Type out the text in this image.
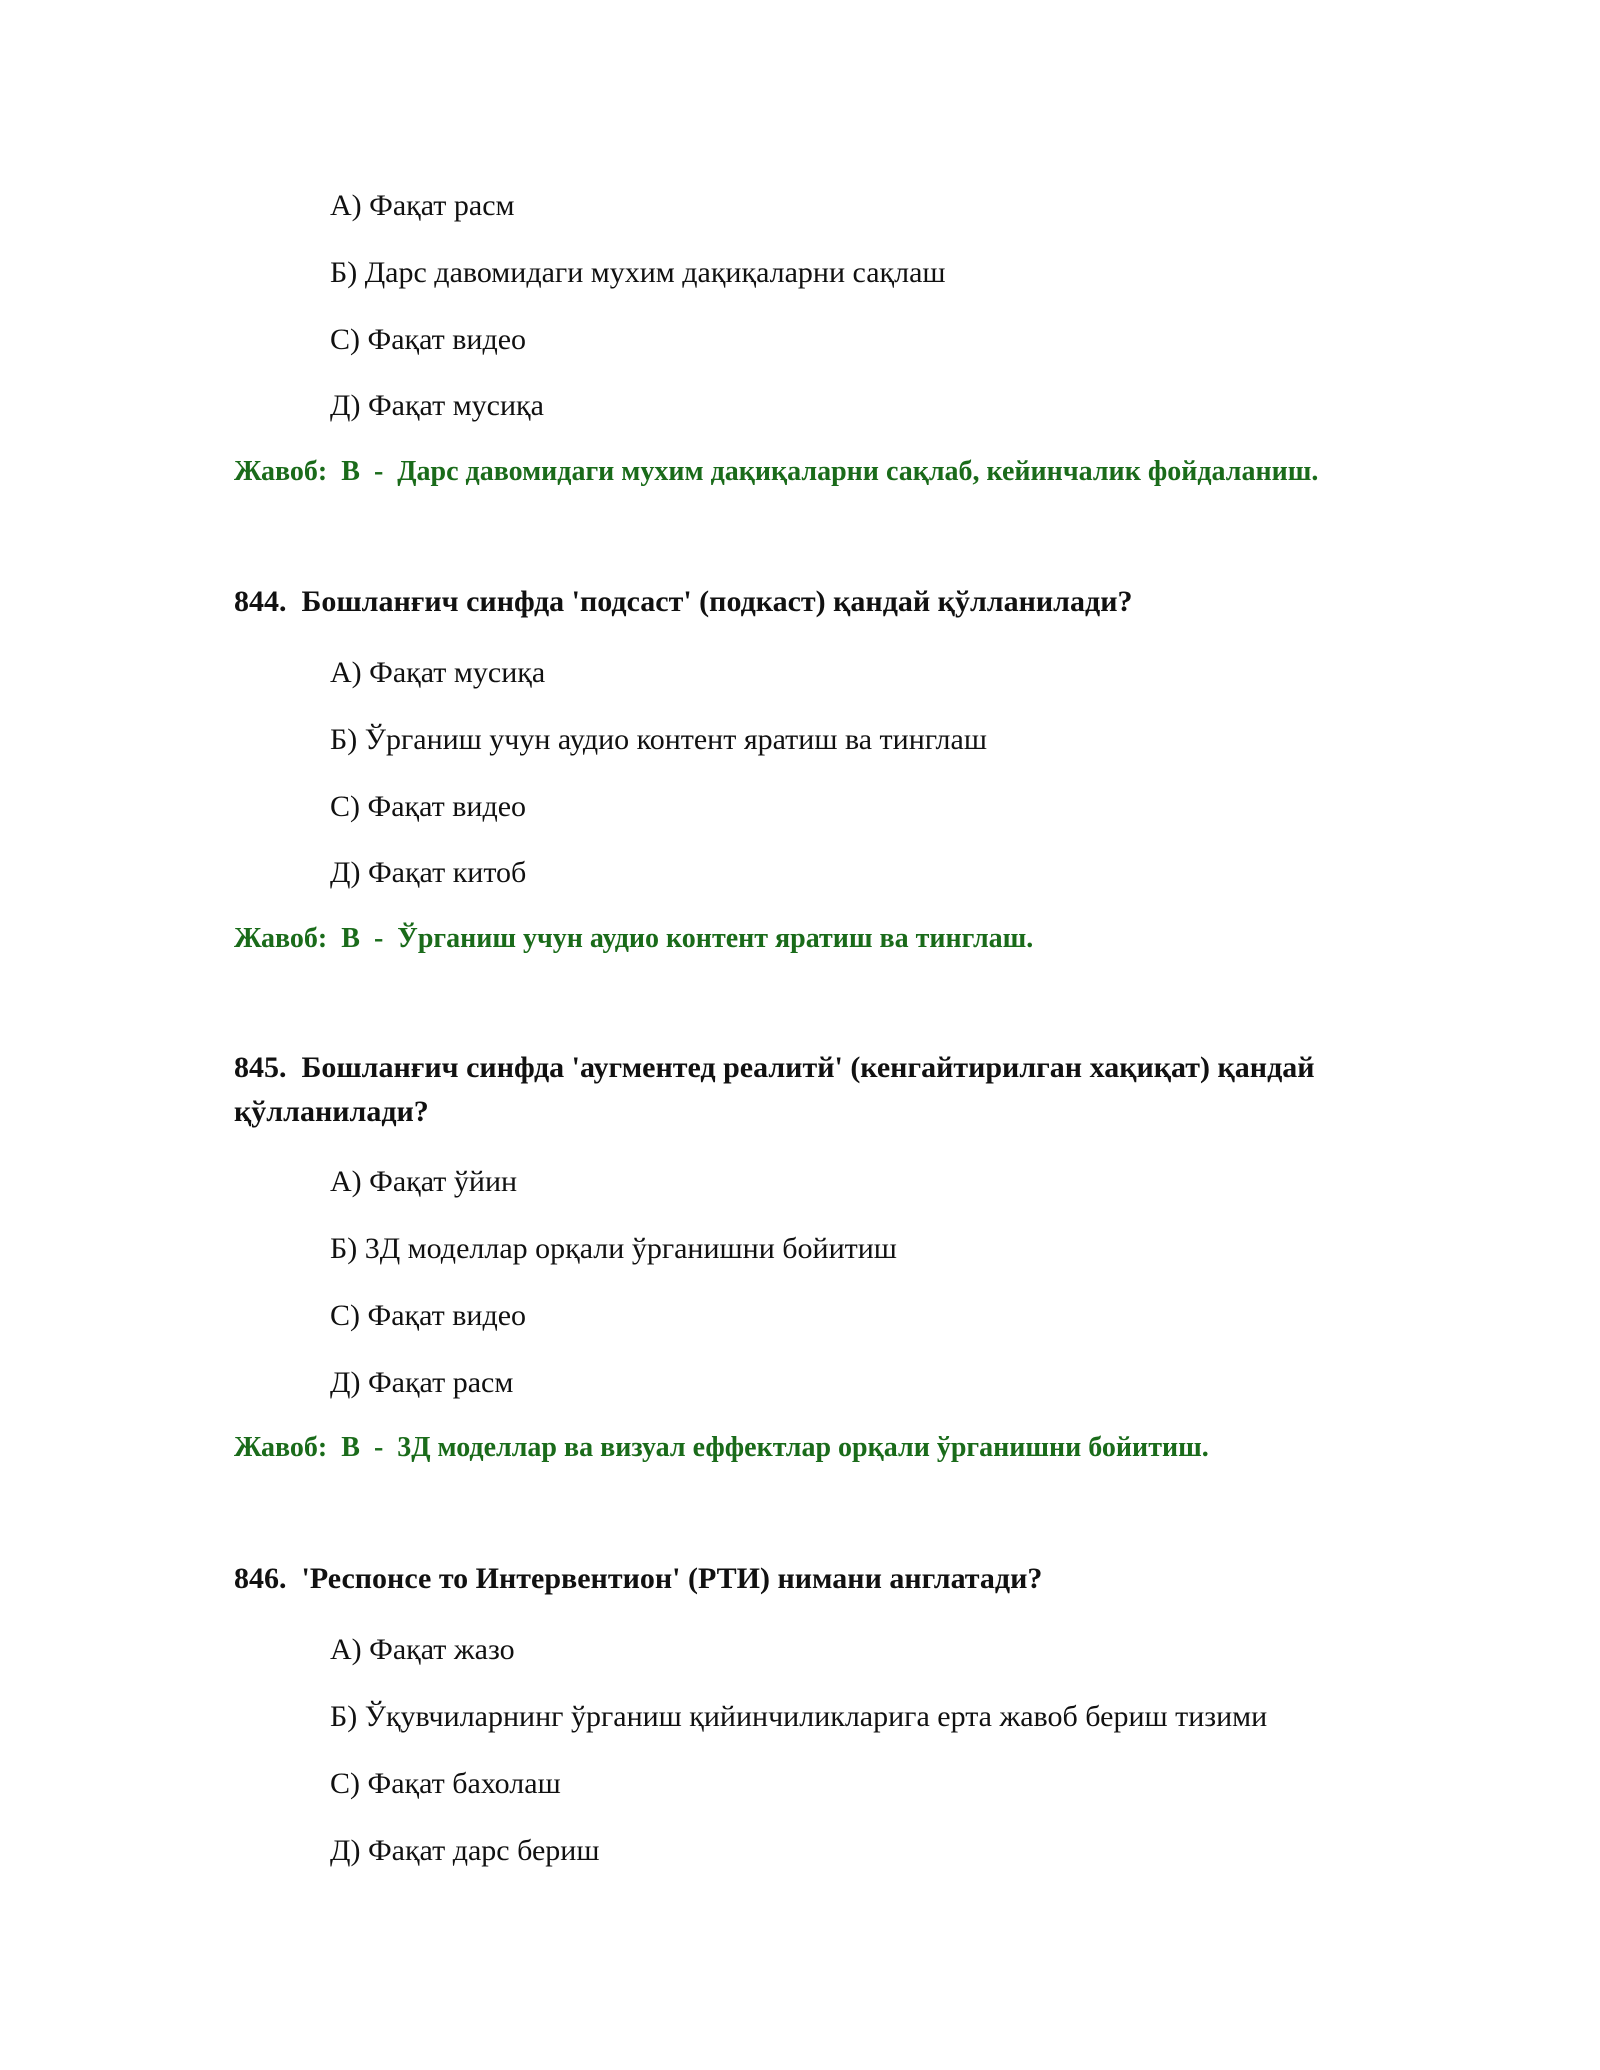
А) Фақат расм
Б) Дарс давомидаги мухим дақиқаларни сақлаш
С) Фақат видео
Д) Фақат мусиқа
Жавоб: В  -  Дарс давомидаги мухим дақиқаларни сақлаб, кейинчалик фойдаланиш.
844. Бошланғич синфда 'подсаст' (подкаст) қандай қўлланилади?
А) Фақат мусиқа
Б) Ўрганиш учун аудио контент яратиш ва тинглаш
С) Фақат видео
Д) Фақат китоб
Жавоб: В  -  Ўрганиш учун аудио контент яратиш ва тинглаш.
845. Бошланғич синфда 'аугментед реалитй' (кенгайтирилган хақиқат) қандай қўлланилади?
А) Фақат ўйин
Б) 3Д моделлар орқали ўрганишни бойитиш
С) Фақат видео
Д) Фақат расм
Жавоб: В  -  3Д моделлар ва визуал еффектлар орқали ўрганишни бойитиш.
846. 'Респонсе то Интервентион' (РТИ) нимани англатади?
А) Фақат жазо
Б) Ўқувчиларнинг ўрганиш қийинчиликларига ерта жавоб бериш тизими
С) Фақат бахолаш
Д) Фақат дарс бериш
